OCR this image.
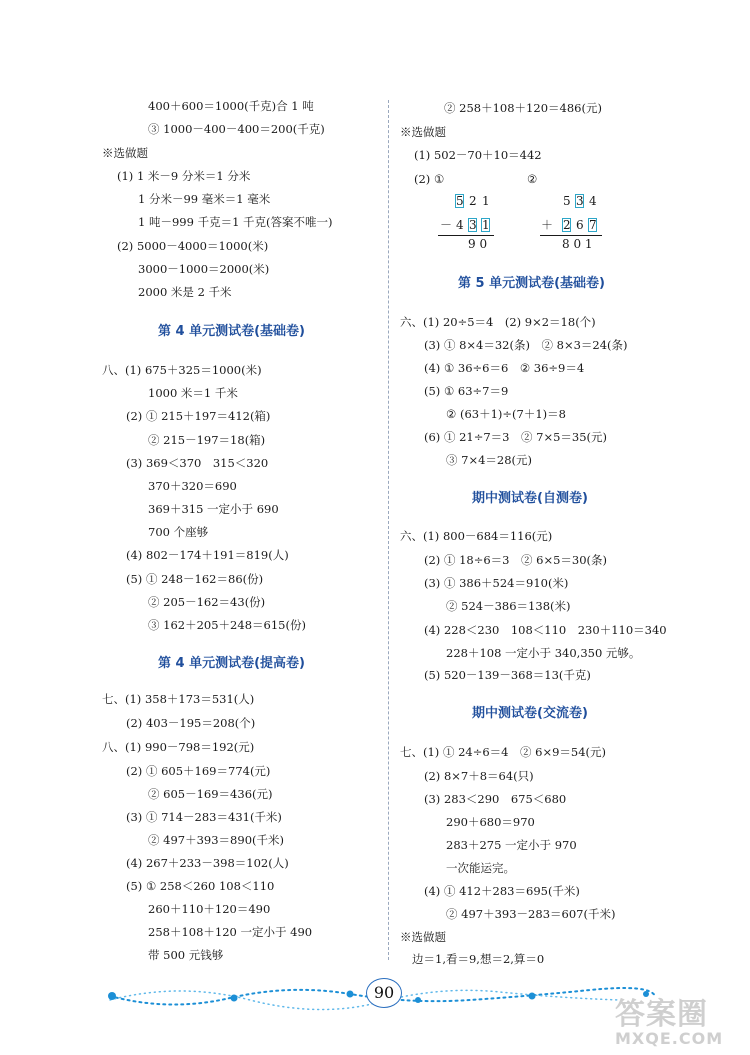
400＋600＝1000(千克)合 1 吨
③ 1000－400－400＝200(千克)
※选做题
(1) 1 米－9 分米＝1 分米
1 分米－99 毫米＝1 毫米
1 吨－999 千克＝1 千克(答案不唯一)
(2) 5000－4000＝1000(米)
3000－1000＝2000(米)
2000 米是 2 千米
第 4 单元测试卷(基础卷)
八、(1) 675＋325＝1000(米)
1000 米＝1 千米
(2) ① 215＋197＝412(箱)
② 215－197＝18(箱)
(3) 369＜370　315＜320
370＋320＝690
369＋315 一定小于 690
700 个座够
(4) 802－174＋191＝819(人)
(5) ① 248－162＝86(份)
② 205－162＝43(份)
③ 162＋205＋248＝615(份)
第 4 单元测试卷(提高卷)
七、(1) 358＋173＝531(人)
(2) 403－195＝208(个)
八、(1) 990－798＝192(元)
(2) ① 605＋169＝774(元)
② 605－169＝436(元)
(3) ① 714－283＝431(千米)
② 497＋393＝890(千米)
(4) 267＋233－398＝102(人)
(5) ① 258＜260 108＜110
260＋110＋120＝490
258＋108＋120 一定小于 490
带 500 元钱够
② 258＋108＋120＝486(元)
※选做题
(1) 502－70＋10＝442
(2) ①	②
5 2 1
－ 4 3 1
9 0
5 3 4
＋ 2 6 7
8 0 1
第 5 单元测试卷(基础卷)
六、(1) 20÷5＝4　(2) 9×2＝18(个)
(3) ① 8×4＝32(条)　② 8×3＝24(条)
(4) ① 36÷6＝6　② 36÷9＝4
(5) ① 63÷7＝9
② (63＋1)÷(7＋1)＝8
(6) ① 21÷7＝3　② 7×5＝35(元)
③ 7×4＝28(元)
期中测试卷(自测卷)
六、(1) 800－684＝116(元)
(2) ① 18÷6＝3　② 6×5＝30(条)
(3) ① 386＋524＝910(米)
② 524－386＝138(米)
(4) 228＜230　108＜110　230＋110＝340
228＋108 一定小于 340,350 元够。
(5) 520－139－368＝13(千克)
期中测试卷(交流卷)
七、(1) ① 24÷6＝4　② 6×9＝54(元)
(2) 8×7＋8＝64(只)
(3) 283＜290　675＜680
290＋680＝970
283＋275 一定小于 970
一次能运完。
(4) ① 412＋283＝695(千米)
② 497＋393－283＝607(千米)
※选做题
边＝1,看＝9,想＝2,算＝0
90
答案圈
MXQE.COM
